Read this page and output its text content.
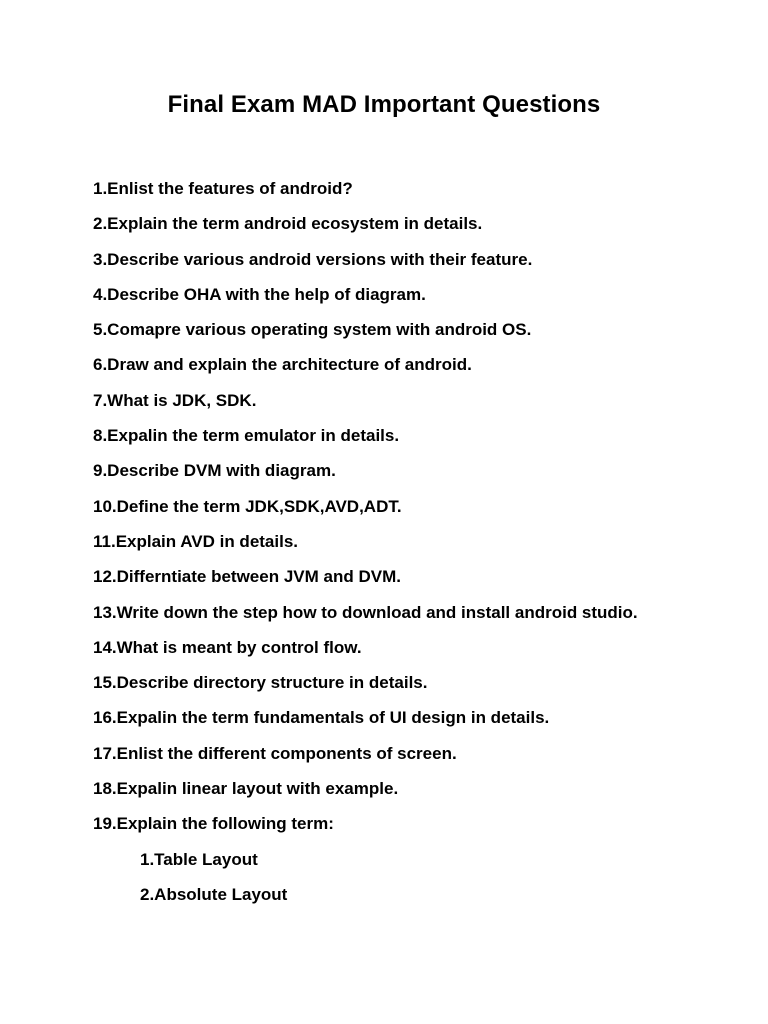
Final Exam MAD Important Questions
1.Enlist the features of android?
2.Explain the term android ecosystem in details.
3.Describe various android versions with their feature.
4.Describe OHA with the help of diagram.
5.Comapre various operating system with android OS.
6.Draw and explain the architecture of android.
7.What is JDK, SDK.
8.Expalin the term emulator in details.
9.Describe DVM with diagram.
10.Define the term JDK,SDK,AVD,ADT.
11.Explain AVD in details.
12.Differntiate between JVM and DVM.
13.Write down the step how to download and install android studio.
14.What is meant by control flow.
15.Describe directory structure in details.
16.Expalin the term fundamentals of UI design in details.
17.Enlist the different components of screen.
18.Expalin linear layout with example.
19.Explain the following term:
1.Table Layout
2.Absolute Layout
